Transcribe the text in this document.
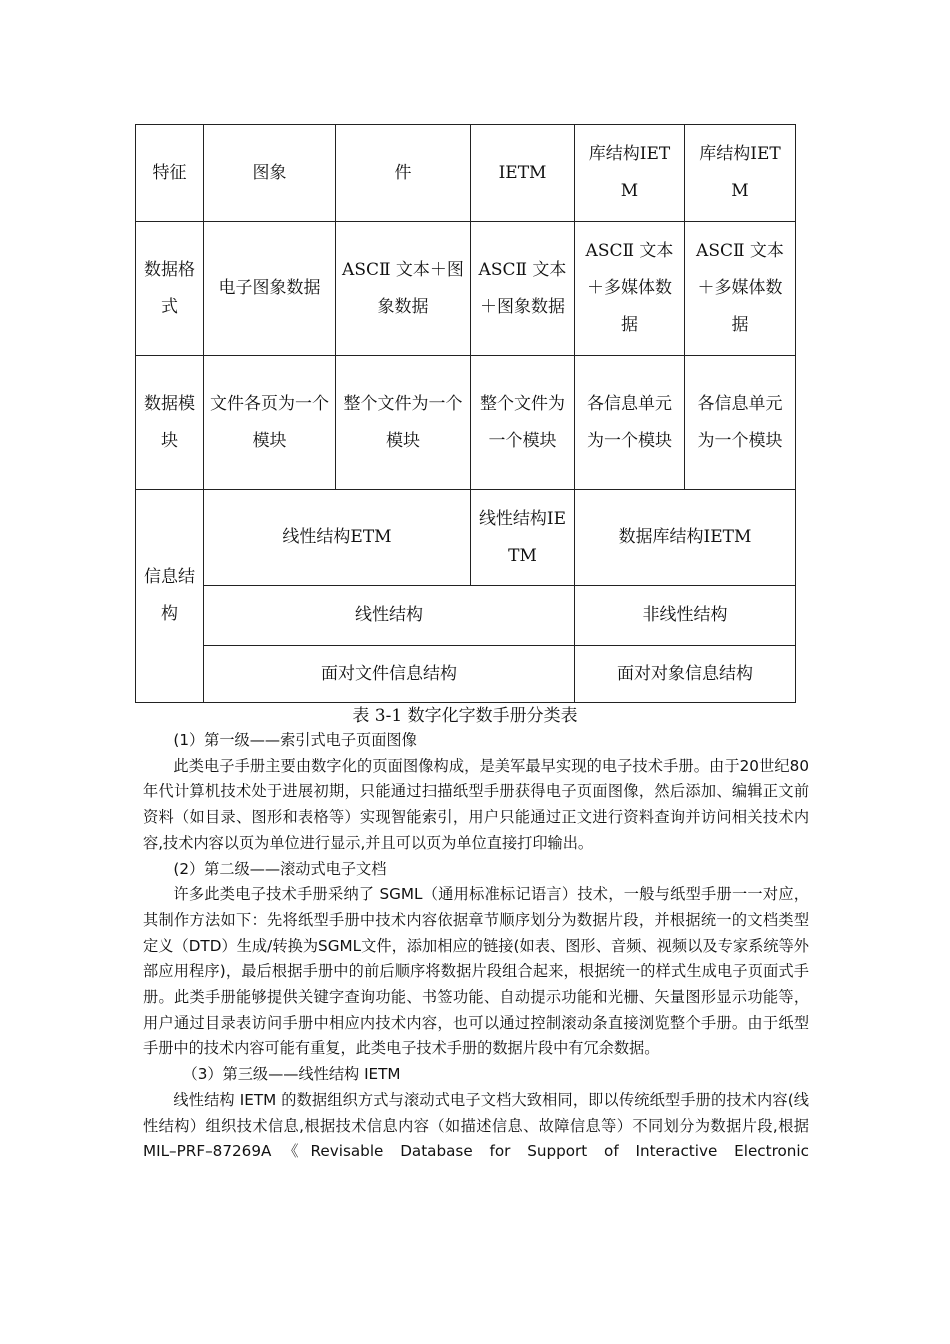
特征	图象	件	IETM	库结构IETM	库结构IETM
数据格式	电子图象数据	ASCⅡ 文本＋图象数据	ASCⅡ 文本＋图象数据	ASCⅡ 文本＋多媒体数据	ASCⅡ 文本＋多媒体数据
数据模块	文件各页为一个模块	整个文件为一个模块	整个文件为一个模块	各信息单元为一个模块	各信息单元为一个模块
信息结构	线性结构ETM		线性结构IETM	数据库结构IETM	
	线性结构			非线性结构	
	面对文件信息结构			面对对象信息结构	
表 3-1 数字化字数手册分类表

(1）第一级——索引式电子页面图像

此类电子手册主要由数字化的页面图像构成，是美军最早实现的电子技术手册。由于20世纪80年代计算机技术处于进展初期，只能通过扫描纸型手册获得电子页面图像，然后添加、编辑正文前资料（如目录、图形和表格等）实现智能索引，用户只能通过正文进行资料查询并访问相关技术内容,技术内容以页为单位进行显示,并且可以页为单位直接打印输出。

(2）第二级——滚动式电子文档

许多此类电子技术手册采纳了 SGML（通用标准标记语言）技术，一般与纸型手册一一对应，其制作方法如下：先将纸型手册中技术内容依据章节顺序划分为数据片段，并根据统一的文档类型定义（DTD）生成/转换为SGML文件，添加相应的链接(如表、图形、音频、视频以及专家系统等外部应用程序)，最后根据手册中的前后顺序将数据片段组合起来，根据统一的样式生成电子页面式手册。此类手册能够提供关键字查询功能、书签功能、自动提示功能和光栅、矢量图形显示功能等，用户通过目录表访问手册中相应内技术内容，也可以通过控制滚动条直接浏览整个手册。由于纸型手册中的技术内容可能有重复，此类电子技术手册的数据片段中有冗余数据。

（3）第三级——线性结构 IETM

线性结构 IETM 的数据组织方式与滚动式电子文档大致相同，即以传统纸型手册的技术内容(线性结构）组织技术信息,根据技术信息内容（如描述信息、故障信息等）不同划分为数据片段,根据 MIL–PRF–87269A《Revisable Database for Support of Interactive Electronic
